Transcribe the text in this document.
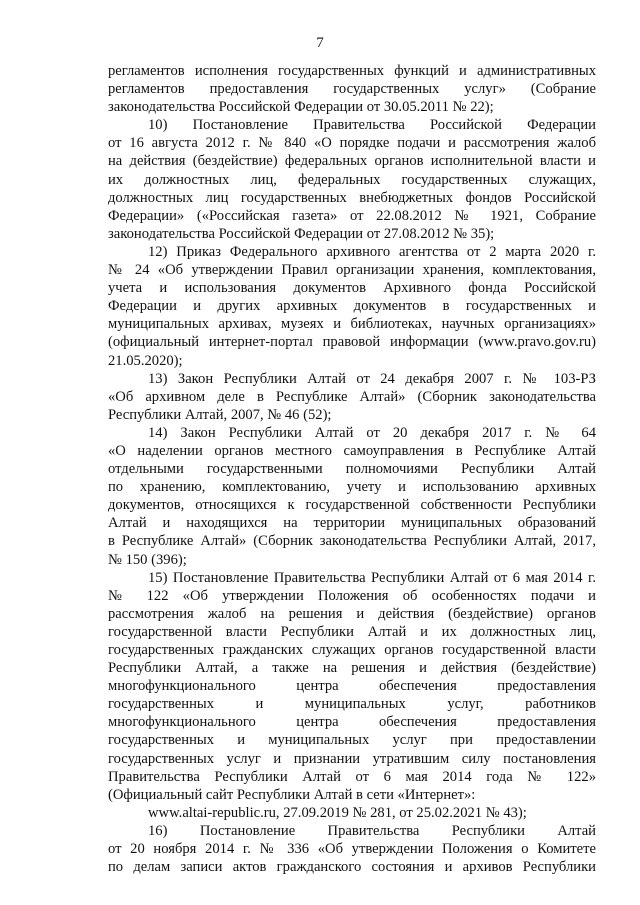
7
регламентов исполнения государственных функций и административных
регламентов предоставления государственных услуг» (Собрание
законодательства Российской Федерации от 30.05.2011 № 22);
10) Постановление Правительства Российской Федерации
от 16 августа 2012 г. № 840 «О порядке подачи и рассмотрения жалоб
на действия (бездействие) федеральных органов исполнительной власти и
их должностных лиц, федеральных государственных служащих,
должностных лиц государственных внебюджетных фондов Российской
Федерации» («Российская газета» от 22.08.2012 № 1921, Собрание
законодательства Российской Федерации от 27.08.2012 № 35);
12) Приказ Федерального архивного агентства от 2 марта 2020 г.
№ 24 «Об утверждении Правил организации хранения, комплектования,
учета и использования документов Архивного фонда Российской
Федерации и других архивных документов в государственных и
муниципальных архивах, музеях и библиотеках, научных организациях»
(официальный интернет-портал правовой информации (www.pravo.gov.ru)
21.05.2020);
13) Закон Республики Алтай от 24 декабря 2007 г. № 103-РЗ
«Об архивном деле в Республике Алтай» (Сборник законодательства
Республики Алтай, 2007, № 46 (52);
14) Закон Республики Алтай от 20 декабря 2017 г. № 64
«О наделении органов местного самоуправления в Республике Алтай
отдельными государственными полномочиями Республики Алтай
по хранению, комплектованию, учету и использованию архивных
документов, относящихся к государственной собственности Республики
Алтай и находящихся на территории муниципальных образований
в Республике Алтай» (Сборник законодательства Республики Алтай, 2017,
№ 150 (396);
15) Постановление Правительства Республики Алтай от 6 мая 2014 г.
№ 122 «Об утверждении Положения об особенностях подачи и
рассмотрения жалоб на решения и действия (бездействие) органов
государственной власти Республики Алтай и их должностных лиц,
государственных гражданских служащих органов государственной власти
Республики Алтай, а также на решения и действия (бездействие)
многофункционального центра обеспечения предоставления
государственных и муниципальных услуг, работников
многофункционального центра обеспечения предоставления
государственных и муниципальных услуг при предоставлении
государственных услуг и признании утратившим силу постановления
Правительства Республики Алтай от 6 мая 2014 года № 122»
(Официальный сайт Республики Алтай в сети «Интернет»:
www.altai-republic.ru, 27.09.2019 № 281, от 25.02.2021 № 43);
16) Постановление Правительства Республики Алтай
от 20 ноября 2014 г. № 336 «Об утверждении Положения о Комитете
по делам записи актов гражданского состояния и архивов Республики
